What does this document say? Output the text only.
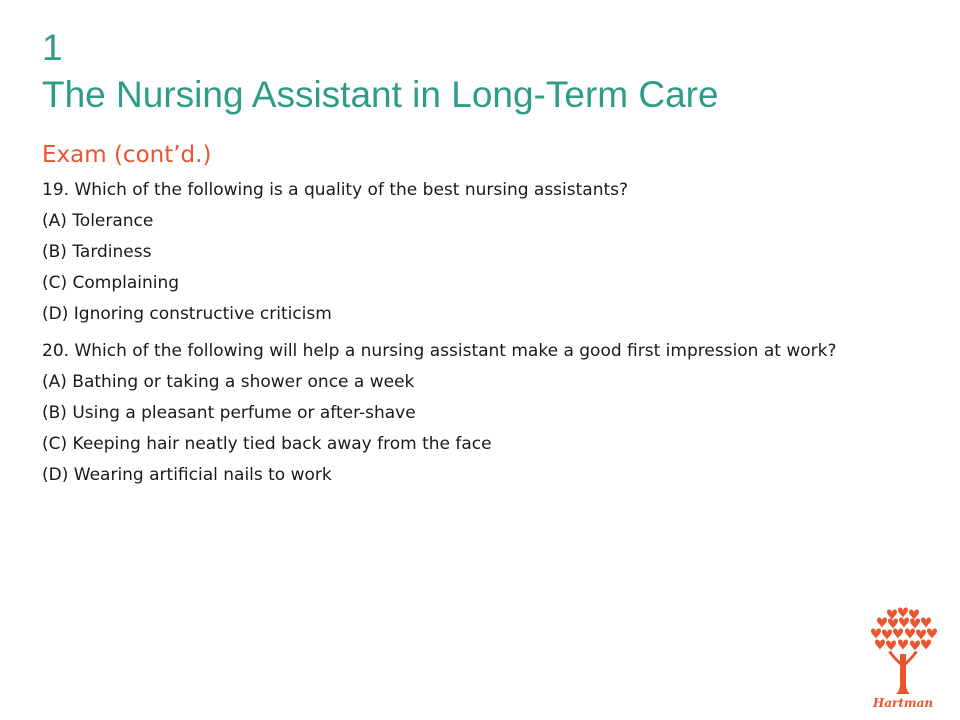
1
The Nursing Assistant in Long-Term Care
Exam (cont’d.)
19. Which of the following is a quality of the best nursing assistants?
(A) Tolerance
(B) Tardiness
(C) Complaining
(D) Ignoring constructive criticism
20. Which of the following will help a nursing assistant make a good first impression at work?
(A) Bathing or taking a shower once a week
(B) Using a pleasant perfume or after-shave
(C) Keeping hair neatly tied back away from the face
(D) Wearing artificial nails to work
Hartman
